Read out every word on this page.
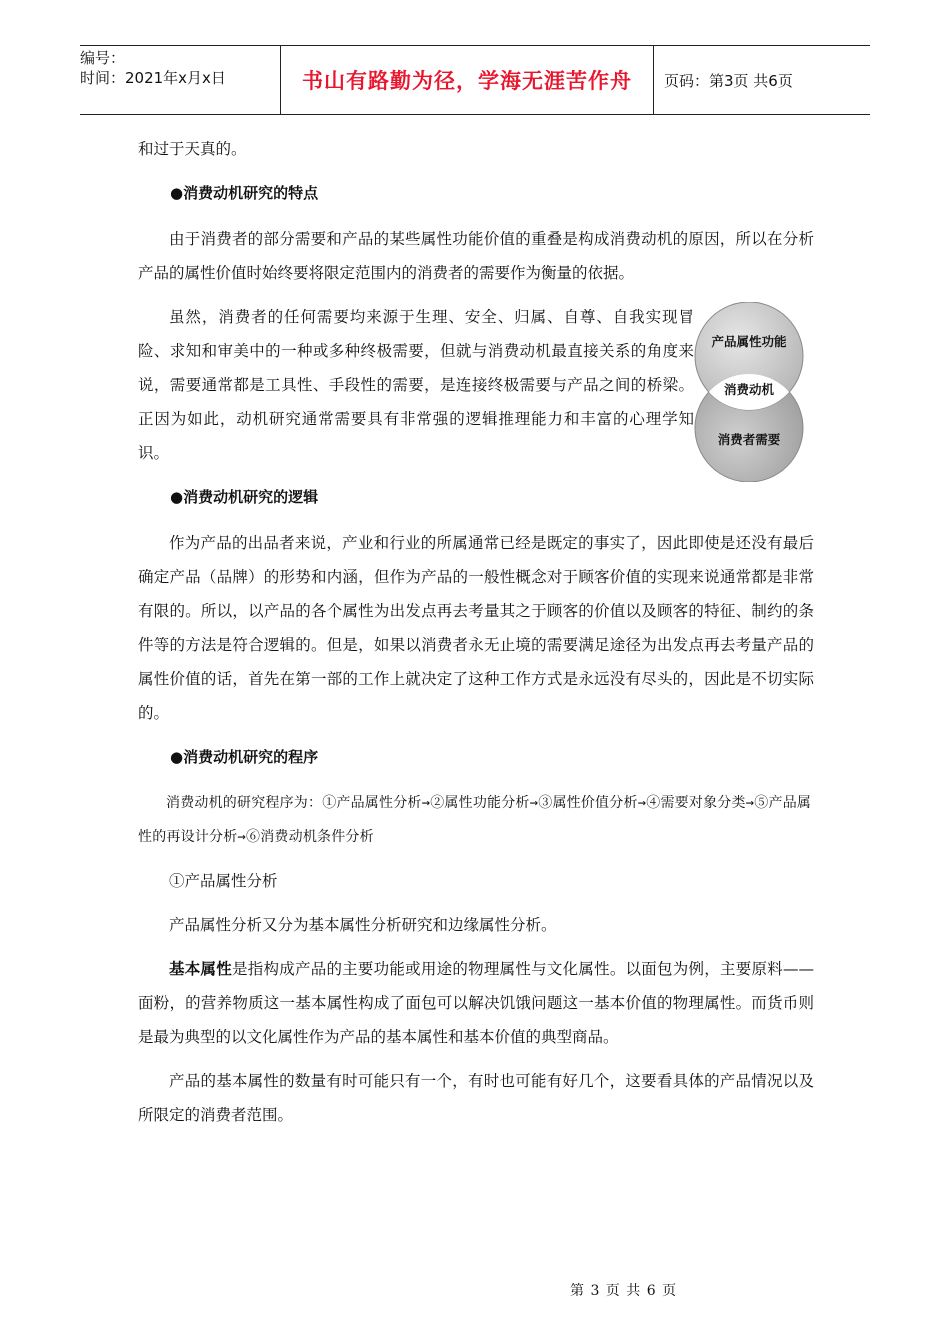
编号：
时间：2021年x月x日	书山有路勤为径，学海无涯苦作舟	页码：第3页 共6页

和过于天真的。

●消费动机研究的特点

由于消费者的部分需要和产品的某些属性功能价值的重叠是构成消费动机的原因，所以在分析产品的属性价值时始终要将限定范围内的消费者的需要作为衡量的依据。

虽然，消费者的任何需要均来源于生理、安全、归属、自尊、自我实现冒险、求知和审美中的一种或多种终极需要，但就与消费动机最直接关系的角度来说，需要通常都是工具性、手段性的需要，是连接终极需要与产品之间的桥梁。正因为如此，动机研究通常需要具有非常强的逻辑推理能力和丰富的心理学知识。

●消费动机研究的逻辑

作为产品的出品者来说，产业和行业的所属通常已经是既定的事实了，因此即使是还没有最后确定产品（品牌）的形势和内涵，但作为产品的一般性概念对于顾客价值的实现来说通常都是非常有限的。所以，以产品的各个属性为出发点再去考量其之于顾客的价值以及顾客的特征、制约的条件等的方法是符合逻辑的。但是，如果以消费者永无止境的需要满足途径为出发点再去考量产品的属性价值的话，首先在第一部的工作上就决定了这种工作方式是永远没有尽头的，因此是不切实际的。

●消费动机研究的程序

消费动机的研究程序为：①产品属性分析→②属性功能分析→③属性价值分析→④需要对象分类→⑤产品属性的再设计分析→⑥消费动机条件分析

①产品属性分析

产品属性分析又分为基本属性分析研究和边缘属性分析。

基本属性是指构成产品的主要功能或用途的物理属性与文化属性。以面包为例，主要原料——面粉，的营养物质这一基本属性构成了面包可以解决饥饿问题这一基本价值的物理属性。而货币则是最为典型的以文化属性作为产品的基本属性和基本价值的典型商品。

产品的基本属性的数量有时可能只有一个，有时也可能有好几个，这要看具体的产品情况以及所限定的消费者范围。

产品属性功能
消费动机
消费者需要
第 3 页 共 6 页
